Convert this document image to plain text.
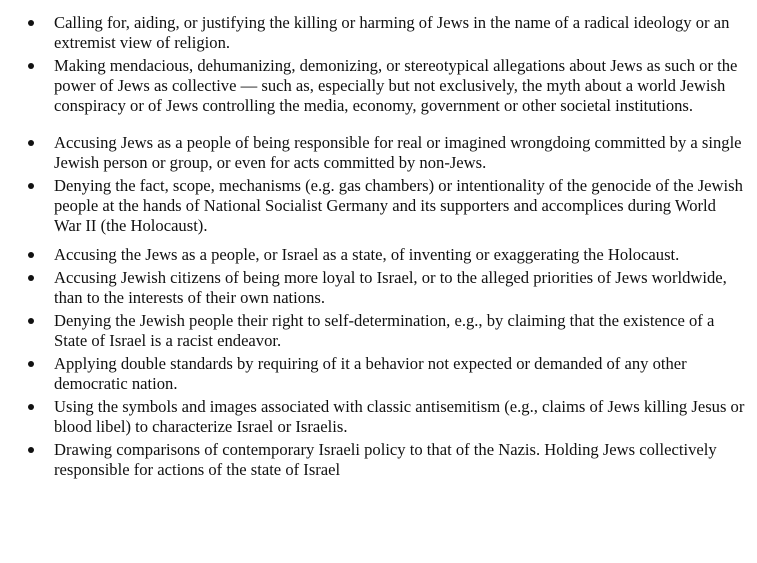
Calling for, aiding, or justifying the killing or harming of Jews in the name of a radical ideology or an extremist view of religion.
Making mendacious, dehumanizing, demonizing, or stereotypical allegations about Jews as such or the power of Jews as collective — such as, especially but not exclusively, the myth about a world Jewish conspiracy or of Jews controlling the media, economy, government or other societal institutions.
Accusing Jews as a people of being responsible for real or imagined wrongdoing committed by a single Jewish person or group, or even for acts committed by non-Jews.
Denying the fact, scope, mechanisms (e.g. gas chambers) or intentionality of the genocide of the Jewish people at the hands of National Socialist Germany and its supporters and accomplices during World War II (the Holocaust).
Accusing the Jews as a people, or Israel as a state, of inventing or exaggerating the Holocaust.
Accusing Jewish citizens of being more loyal to Israel, or to the alleged priorities of Jews worldwide, than to the interests of their own nations.
Denying the Jewish people their right to self-determination, e.g., by claiming that the existence of a State of Israel is a racist endeavor.
Applying double standards by requiring of it a behavior not expected or demanded of any other democratic nation.
Using the symbols and images associated with classic antisemitism (e.g., claims of Jews killing Jesus or blood libel) to characterize Israel or Israelis.
Drawing comparisons of contemporary Israeli policy to that of the Nazis. Holding Jews collectively responsible for actions of the state of Israel
